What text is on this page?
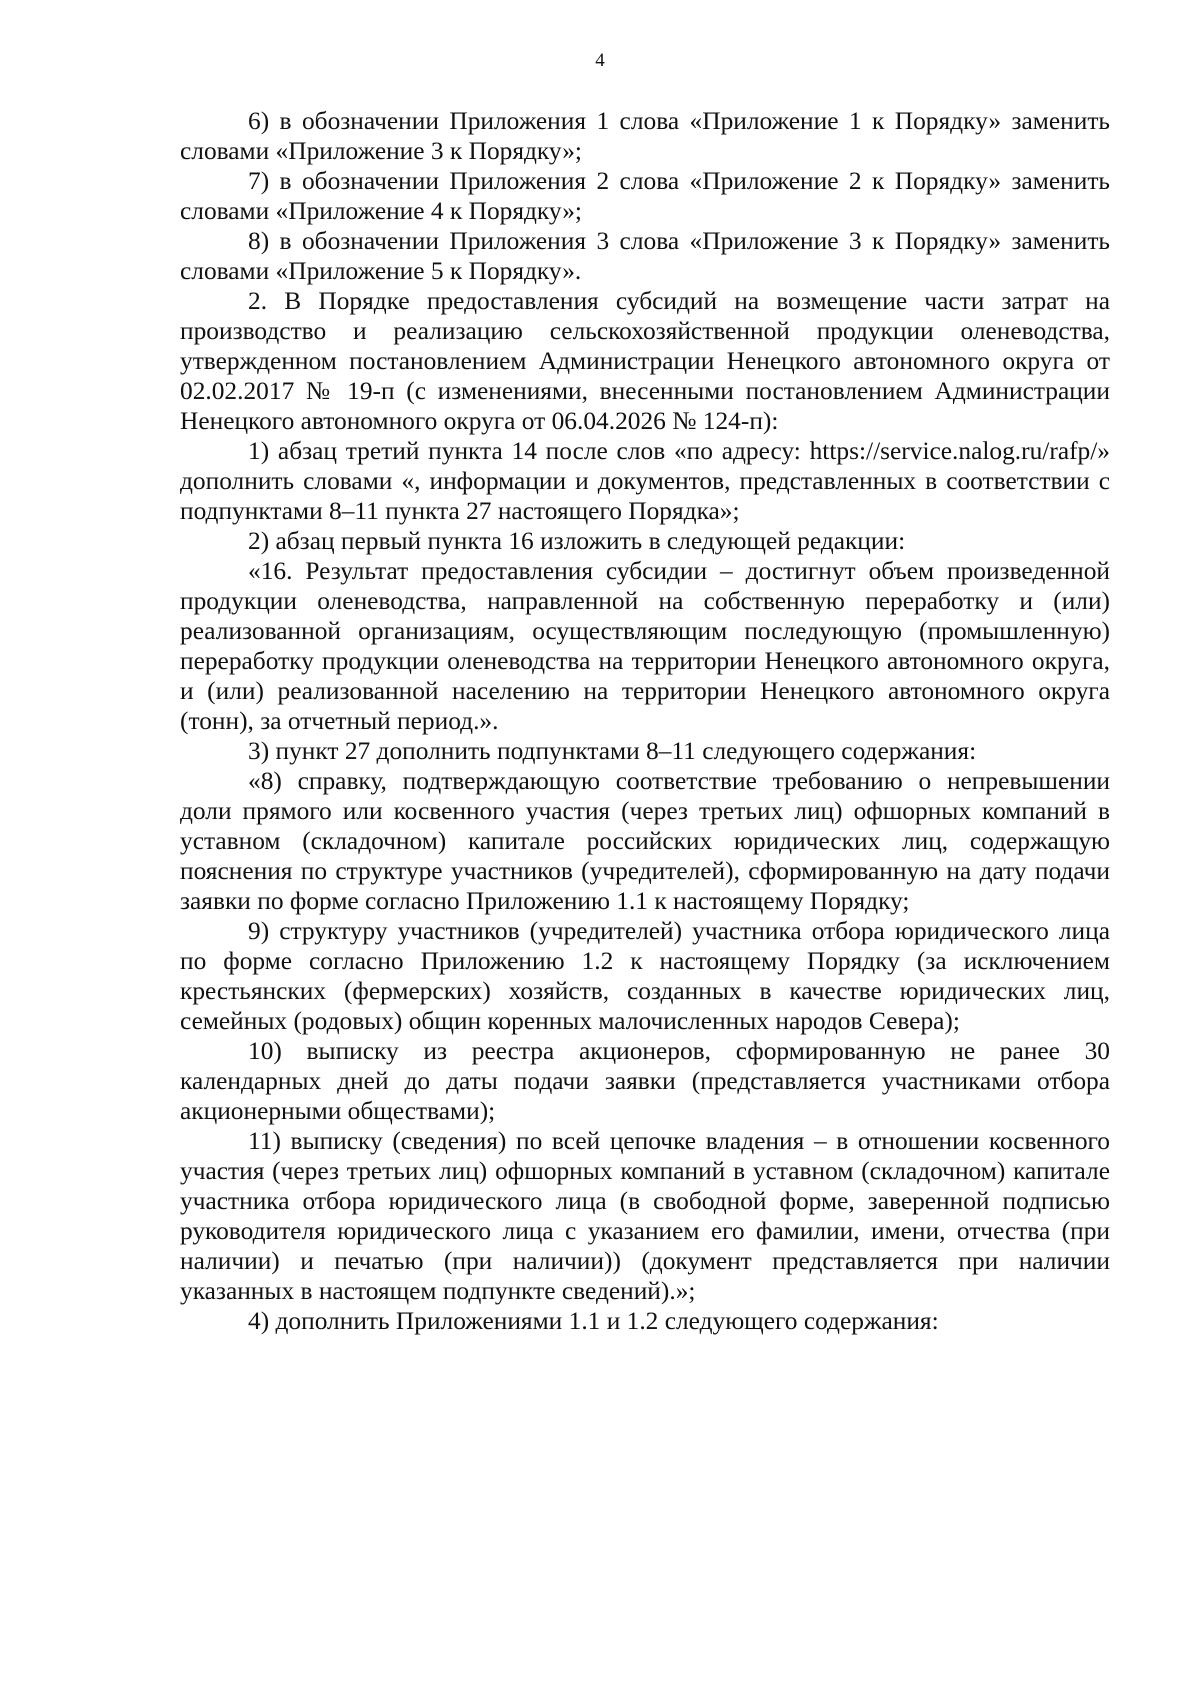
4

6) в обозначении Приложения 1 слова «Приложение 1 к Порядку» заменить словами «Приложение 3 к Порядку»;

7) в обозначении Приложения 2 слова «Приложение 2 к Порядку» заменить словами «Приложение 4 к Порядку»;

8) в обозначении Приложения 3 слова «Приложение 3 к Порядку» заменить словами «Приложение 5 к Порядку».

2. В Порядке предоставления субсидий на возмещение части затрат на производство и реализацию сельскохозяйственной продукции оленеводства, утвержденном постановлением Администрации Ненецкого автономного округа от 02.02.2017 № 19-п (с изменениями, внесенными постановлением Администрации Ненецкого автономного округа от 06.04.2026 № 124-п):

1) абзац третий пункта 14 после слов «по адресу: https://service.nalog.ru/rafp/» дополнить словами «, информации и документов, представленных в соответствии с подпунктами 8–11 пункта 27 настоящего Порядка»;

2) абзац первый пункта 16 изложить в следующей редакции:

«16. Результат предоставления субсидии – достигнут объем произведенной продукции оленеводства, направленной на собственную переработку и (или) реализованной организациям, осуществляющим последующую (промышленную) переработку продукции оленеводства на территории Ненецкого автономного округа, и (или) реализованной населению на территории Ненецкого автономного округа (тонн), за отчетный период.».

3) пункт 27 дополнить подпунктами 8–11 следующего содержания:

«8) справку, подтверждающую соответствие требованию о непревышении доли прямого или косвенного участия (через третьих лиц) офшорных компаний в уставном (складочном) капитале российских юридических лиц, содержащую пояснения по структуре участников (учредителей), сформированную на дату подачи заявки по форме согласно Приложению 1.1 к настоящему Порядку;

9) структуру участников (учредителей) участника отбора юридического лица по форме согласно Приложению 1.2 к настоящему Порядку (за исключением крестьянских (фермерских) хозяйств, созданных в качестве юридических лиц, семейных (родовых) общин коренных малочисленных народов Севера);

10) выписку из реестра акционеров, сформированную не ранее 30 календарных дней до даты подачи заявки (представляется участниками отбора акционерными обществами);

11) выписку (сведения) по всей цепочке владения – в отношении косвенного участия (через третьих лиц) офшорных компаний в уставном (складочном) капитале участника отбора юридического лица (в свободной форме, заверенной подписью руководителя юридического лица с указанием его фамилии, имени, отчества (при наличии) и печатью (при наличии)) (документ представляется при наличии указанных в настоящем подпункте сведений).»;

4) дополнить Приложениями 1.1 и 1.2 следующего содержания:
